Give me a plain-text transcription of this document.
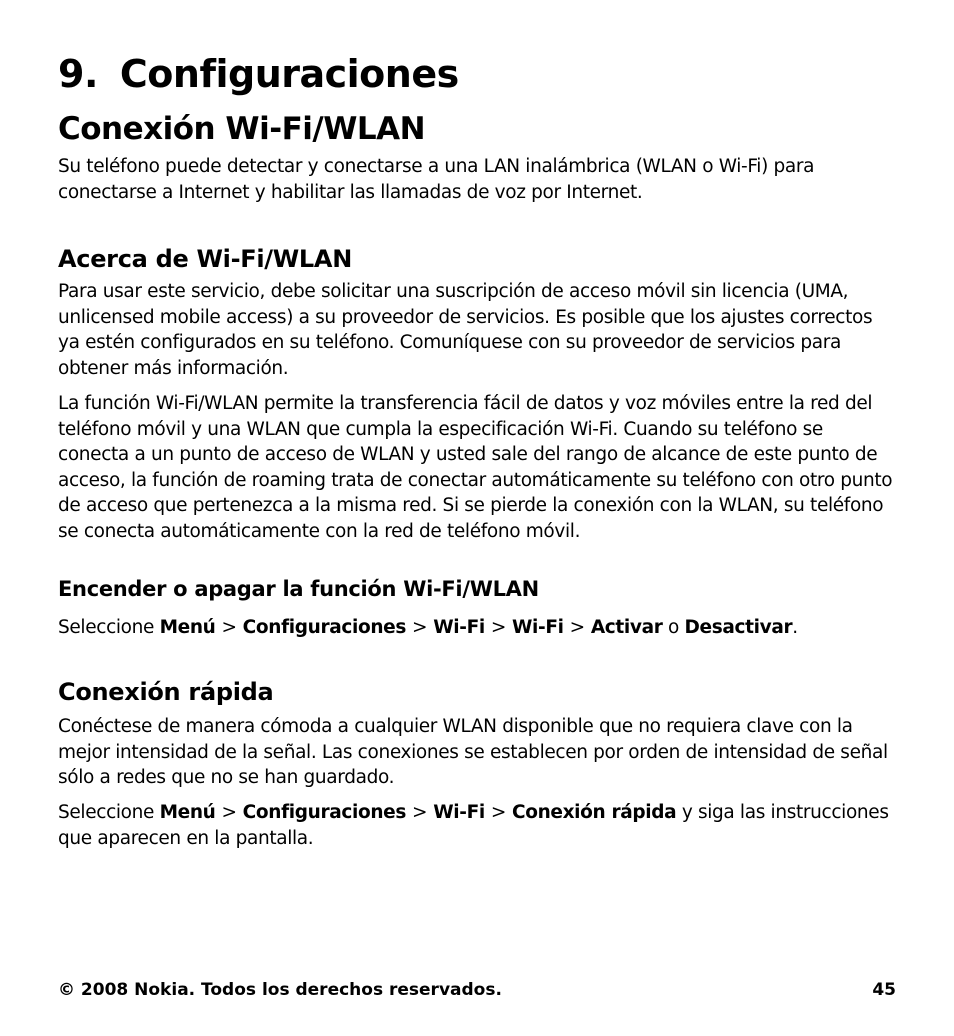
9. Configuraciones
Conexión Wi-Fi/WLAN

Su teléfono puede detectar y conectarse a una LAN inalámbrica (WLAN o Wi-Fi) para conectarse a Internet y habilitar las llamadas de voz por Internet.

Acerca de Wi-Fi/WLAN

Para usar este servicio, debe solicitar una suscripción de acceso móvil sin licencia (UMA, unlicensed mobile access) a su proveedor de servicios. Es posible que los ajustes correctos ya estén configurados en su teléfono. Comuníquese con su proveedor de servicios para obtener más información.

La función Wi-Fi/WLAN permite la transferencia fácil de datos y voz móviles entre la red del teléfono móvil y una WLAN que cumpla la especificación Wi-Fi. Cuando su teléfono se conecta a un punto de acceso de WLAN y usted sale del rango de alcance de este punto de acceso, la función de roaming trata de conectar automáticamente su teléfono con otro punto de acceso que pertenezca a la misma red. Si se pierde la conexión con la WLAN, su teléfono se conecta automáticamente con la red de teléfono móvil.

Encender o apagar la función Wi-Fi/WLAN

Seleccione Menú > Configuraciones > Wi-Fi > Wi-Fi > Activar o Desactivar.

Conexión rápida

Conéctese de manera cómoda a cualquier WLAN disponible que no requiera clave con la mejor intensidad de la señal. Las conexiones se establecen por orden de intensidad de señal sólo a redes que no se han guardado.

Seleccione Menú > Configuraciones > Wi-Fi > Conexión rápida y siga las instrucciones que aparecen en la pantalla.

© 2008 Nokia. Todos los derechos reservados.	45
